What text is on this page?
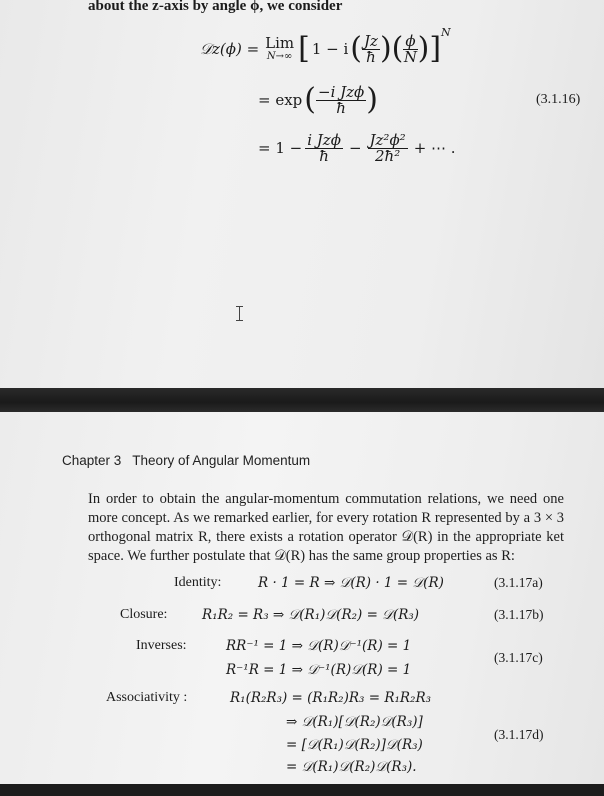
about the z-axis by angle ϕ, we consider
𝒟z(ϕ) = Lim
N→∞ [ 1 − i ( $\frac{Jz}{ħ}$ ) ( $\frac{\phi}{N}$ ) ] N
= exp ( $\frac{\text{−i Jzϕ}}{ħ}$ )	(3.1.16)
= $1 - \frac{\text{i Jzϕ}}{ħ} - \frac{\text{Jz²ϕ²}}{\text{2ħ²}}$ + ⋯ .
Chapter 3   Theory of Angular Momentum

In order to obtain the angular-momentum commutation relations, we need one more concept. As we remarked earlier, for every rotation R represented by a 3 × 3 orthogonal matrix R, there exists a rotation operator 𝒟(R) in the appropriate ket space. We further postulate that 𝒟(R) has the same group properties as R:

Identity:	R · 1 = R ⇒ 𝒟(R) · 1 = 𝒟(R)	(3.1.17a)
Closure:	R₁R₂ = R₃ ⇒ 𝒟(R₁)𝒟(R₂) = 𝒟(R₃)	(3.1.17b)
Inverses:	RR⁻¹ = 1 ⇒ 𝒟(R)𝒟⁻¹(R) = 1
R⁻¹R = 1 ⇒ 𝒟⁻¹(R)𝒟(R) = 1
(3.1.17c)
Associativity :	R₁(R₂R₃) = (R₁R₂)R₃ = R₁R₂R₃
⇒ 𝒟(R₁)[𝒟(R₂)𝒟(R₃)]
= [𝒟(R₁)𝒟(R₂)]𝒟(R₃)
= 𝒟(R₁)𝒟(R₂)𝒟(R₃).
(3.1.17d)
